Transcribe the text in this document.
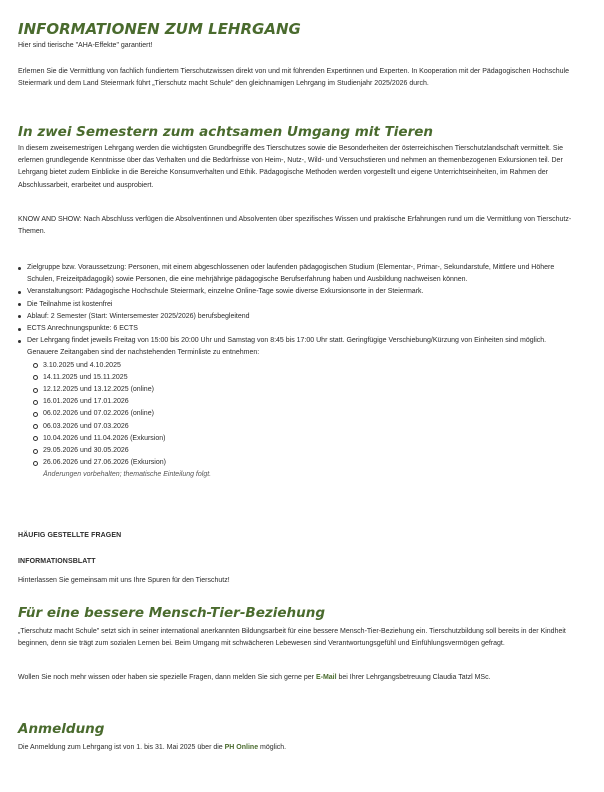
INFORMATIONEN ZUM LEHRGANG

Hier sind tierische "AHA-Effekte" garantiert!

Erlernen Sie die Vermittlung von fachlich fundiertem Tierschutzwissen direkt von und mit führenden Expertinnen und Experten. In Kooperation mit der Pädagogischen Hochschule Steiermark und dem Land Steiermark führt „Tierschutz macht Schule" den gleichnamigen Lehrgang im Studienjahr 2025/2026 durch.

In zwei Semestern zum achtsamen Umgang mit Tieren

In diesem zweisemestrigen Lehrgang werden die wichtigsten Grundbegriffe des Tierschutzes sowie die Besonderheiten der österreichischen Tierschutzlandschaft vermittelt. Sie erlernen grundlegende Kenntnisse über das Verhalten und die Bedürfnisse von Heim-, Nutz-, Wild- und Versuchstieren und nehmen an themenbezogenen Exkursionen teil. Der Lehrgang bietet zudem Einblicke in die Bereiche Konsumverhalten und Ethik. Pädagogische Methoden werden vorgestellt und eigene Unterrichtseinheiten, im Rahmen der Abschlussarbeit, erarbeitet und ausprobiert.

KNOW AND SHOW: Nach Abschluss verfügen die Absolventinnen und Absolventen über spezifisches Wissen und praktische Erfahrungen rund um die Vermittlung von Tierschutz-Themen.

Zielgruppe bzw. Voraussetzung: Personen, mit einem abgeschlossenen oder laufenden pädagogischen Studium (Elementar-, Primar-, Sekundarstufe, Mittlere und Höhere Schulen, Freizeitpädagogik) sowie Personen, die eine mehrjährige pädagogische Berufserfahrung haben und Ausbildung nachweisen können.
Veranstaltungsort: Pädagogische Hochschule Steiermark, einzelne Online-Tage sowie diverse Exkursionsorte in der Steiermark.
Die Teilnahme ist kostenfrei
Ablauf: 2 Semester (Start: Wintersemester 2025/2026) berufsbegleitend
ECTS Anrechnungspunkte: 6 ECTS
Der Lehrgang findet jeweils Freitag von 15:00 bis 20:00 Uhr und Samstag von 8:45 bis 17:00 Uhr statt. Geringfügige Verschiebung/Kürzung von Einheiten sind möglich. Genauere Zeitangaben sind der nachstehenden Terminliste zu entnehmen:
3.10.2025 und 4.10.2025
14.11.2025 und 15.11.2025
12.12.2025 und 13.12.2025 (online)
16.01.2026 und 17.01.2026
06.02.2026 und 07.02.2026 (online)
06.03.2026 und 07.03.2026
10.04.2026 und 11.04.2026 (Exkursion)
29.05.2026 und 30.05.2026
26.06.2026 und 27.06.2026 (Exkursion)
Änderungen vorbehalten; thematische Einteilung folgt.
HÄUFIG GESTELLTE FRAGEN
INFORMATIONSBLATT

Hinterlassen Sie gemeinsam mit uns Ihre Spuren für den Tierschutz!

Für eine bessere Mensch-Tier-Beziehung

„Tierschutz macht Schule" setzt sich in seiner international anerkannten Bildungsarbeit für eine bessere Mensch-Tier-Beziehung ein. Tierschutzbildung soll bereits in der Kindheit beginnen, denn sie trägt zum sozialen Lernen bei. Beim Umgang mit schwächeren Lebewesen sind Verantwortungsgefühl und Einfühlungsvermögen gefragt.

Wollen Sie noch mehr wissen oder haben sie spezielle Fragen, dann melden Sie sich gerne per E-Mail bei Ihrer Lehrgangsbetreuung Claudia Tatzl MSc.

Anmeldung

Die Anmeldung zum Lehrgang ist von 1. bis 31. Mai 2025 über die PH Online möglich.
